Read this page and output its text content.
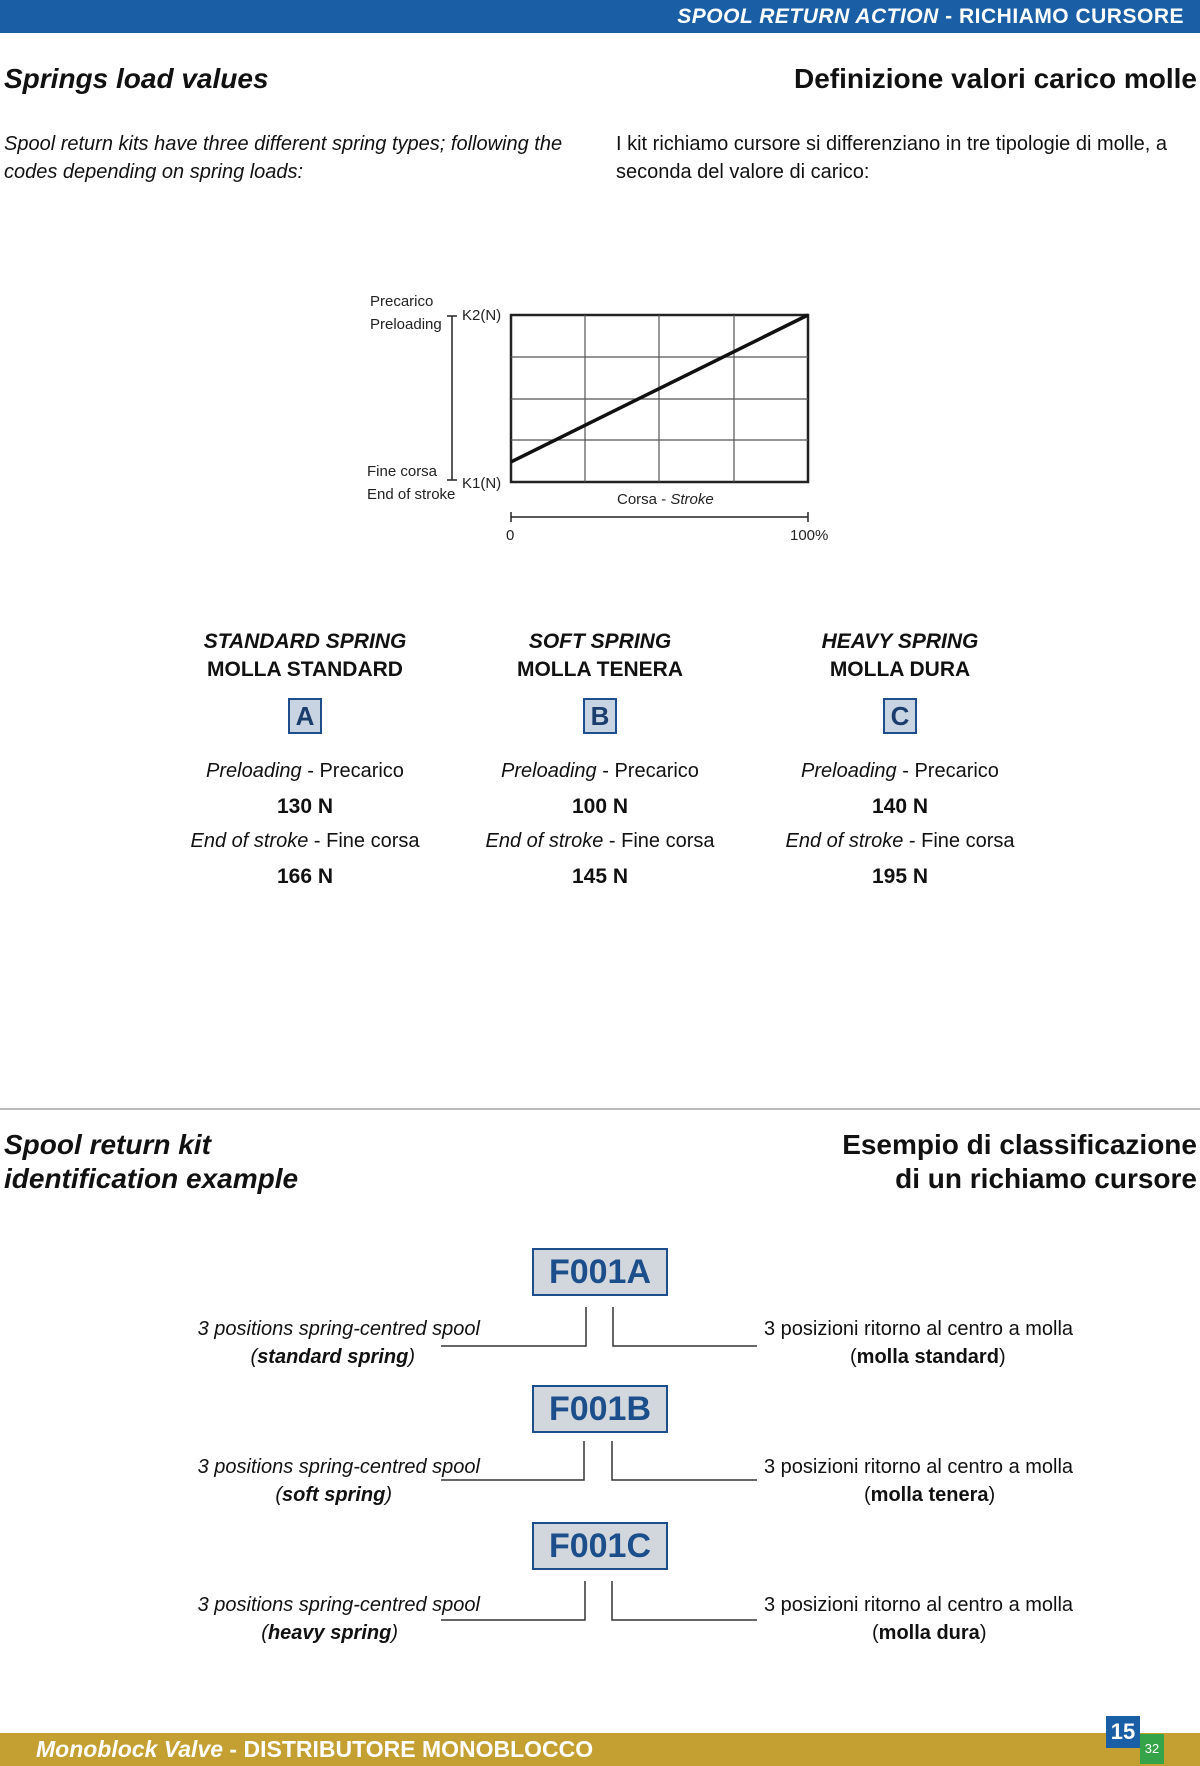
SPOOL RETURN ACTION - RICHIAMO CURSORE
Springs load values	Definizione valori carico molle
Spool return kits have three different spring types; following the codes depending on spring loads:
I kit richiamo cursore si differenziano in tre tipologie di molle, a seconda del valore di carico:
Precarico
Preloading
K2(N)
Fine corsa
End of stroke
K1(N)
Corsa - Stroke
0	100%
STANDARD SPRING
MOLLA STANDARD
A
Preloading - Precarico
130 N
End of stroke - Fine corsa
166 N
SOFT SPRING
MOLLA TENERA
B
Preloading - Precarico
100 N
End of stroke - Fine corsa
145 N
HEAVY SPRING
MOLLA DURA
C
Preloading - Precarico
140 N
End of stroke - Fine corsa
195 N
Spool return kit
identification example
Esempio di classificazione
di un richiamo cursore
F001A
3 positions spring-centred spool
(standard spring)
3 posizioni ritorno al centro a molla
(molla standard)
F001B
3 positions spring-centred spool
(soft spring)
3 posizioni ritorno al centro a molla
(molla tenera)
F001C
3 positions spring-centred spool
(heavy spring)
3 posizioni ritorno al centro a molla
(molla dura)
Monoblock Valve - DISTRIBUTORE MONOBLOCCO
15
32
